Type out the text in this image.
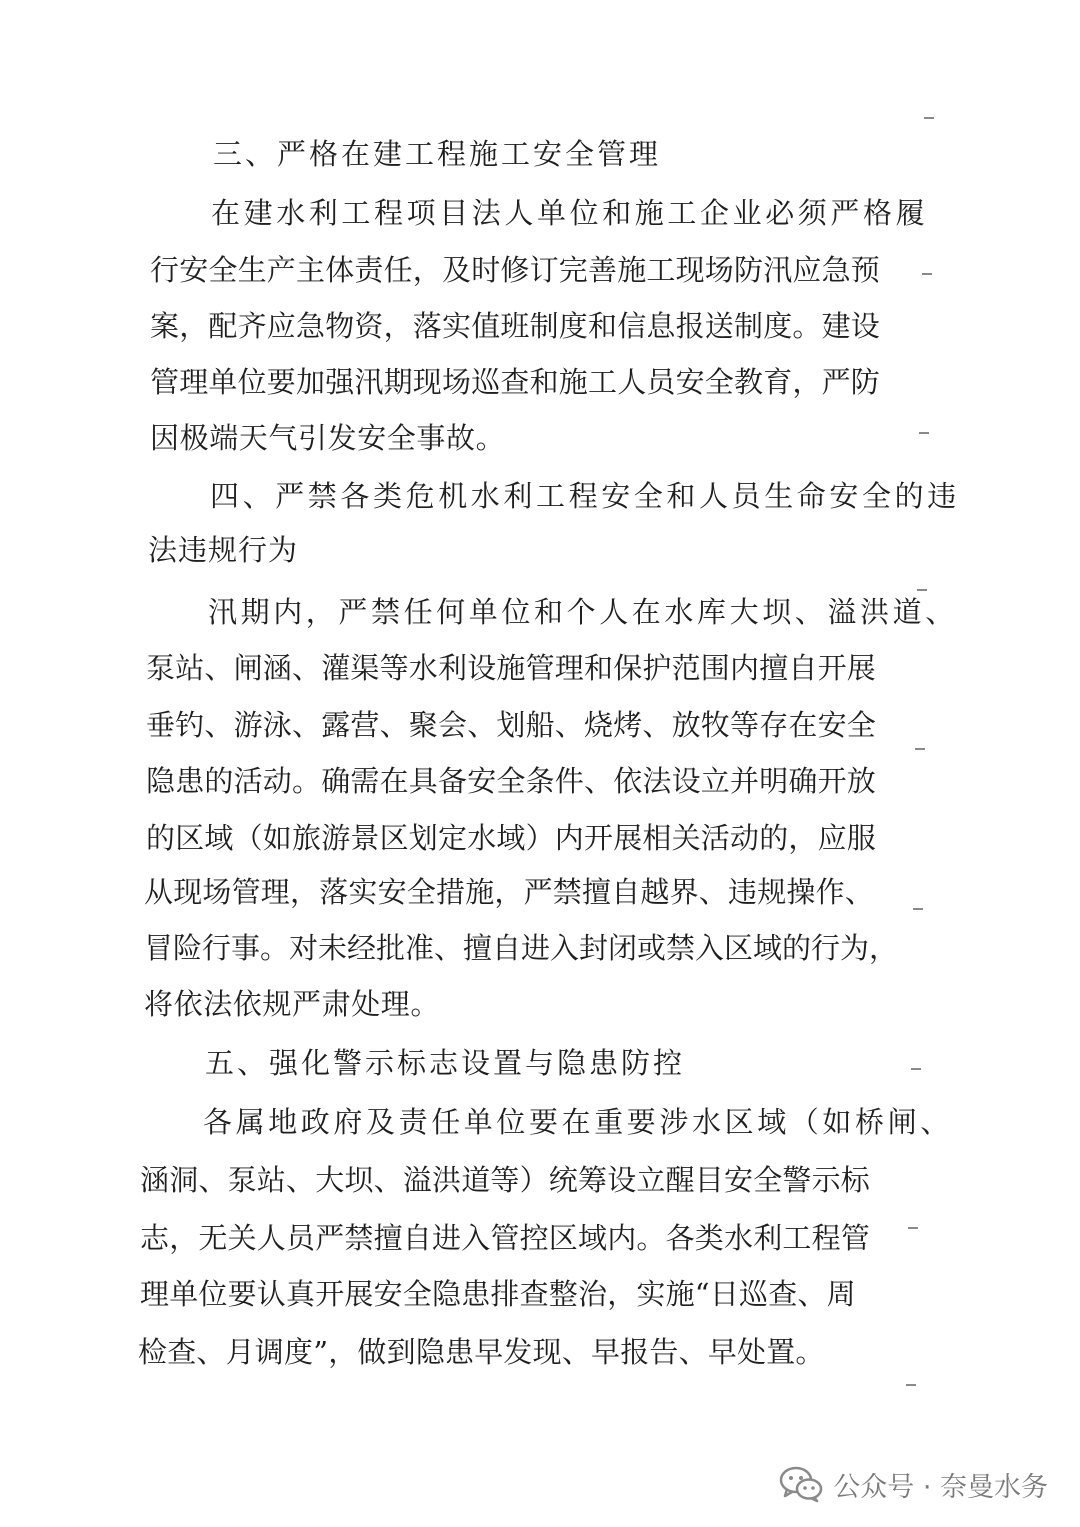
三、严格在建工程施工安全管理
在建水利工程项目法人单位和施工企业必须严格履
行安全生产主体责任，及时修订完善施工现场防汛应急预
案，配齐应急物资，落实值班制度和信息报送制度。建设
管理单位要加强汛期现场巡查和施工人员安全教育，严防
因极端天气引发安全事故。
四、严禁各类危机水利工程安全和人员生命安全的违
法违规行为
汛期内，严禁任何单位和个人在水库大坝、溢洪道、
泵站、闸涵、灌渠等水利设施管理和保护范围内擅自开展
垂钓、游泳、露营、聚会、划船、烧烤、放牧等存在安全
隐患的活动。确需在具备安全条件、依法设立并明确开放
的区域（如旅游景区划定水域）内开展相关活动的，应服
从现场管理，落实安全措施，严禁擅自越界、违规操作、
冒险行事。对未经批准、擅自进入封闭或禁入区域的行为，
将依法依规严肃处理。
五、强化警示标志设置与隐患防控
各属地政府及责任单位要在重要涉水区域（如桥闸、
涵洞、泵站、大坝、溢洪道等）统筹设立醒目安全警示标
志，无关人员严禁擅自进入管控区域内。各类水利工程管
理单位要认真开展安全隐患排查整治，实施“日巡查、周
检查、月调度”，做到隐患早发现、早报告、早处置。
公众号 · 奈曼水务
